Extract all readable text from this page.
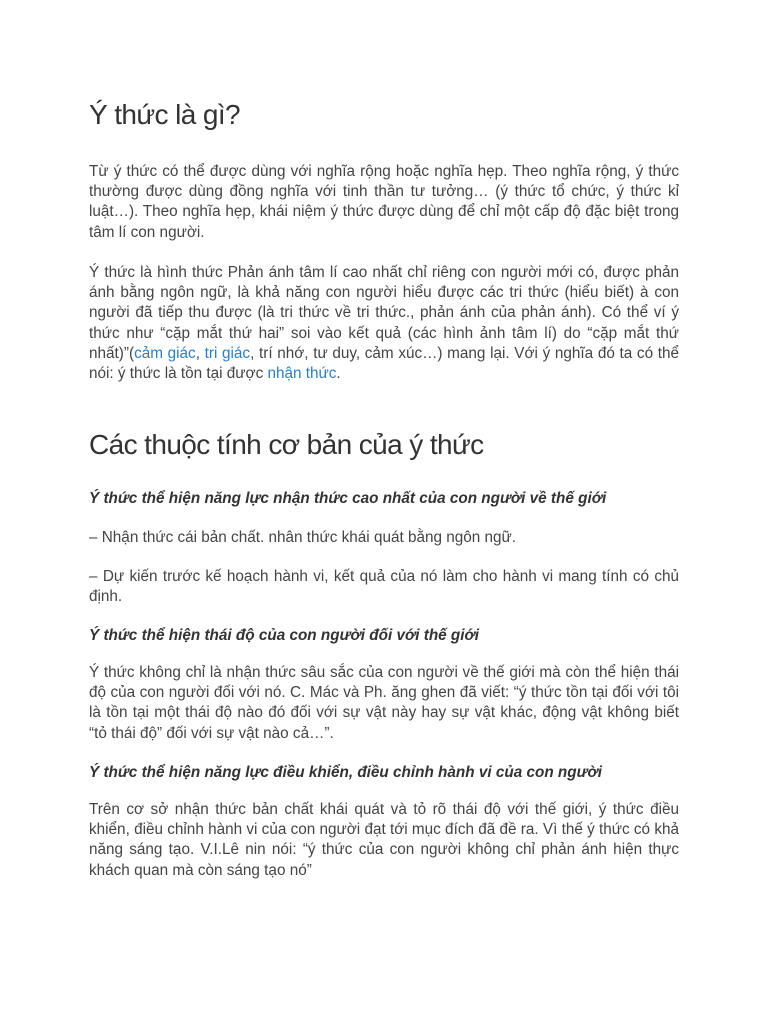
Ý thức là gì?

Từ ý thức có thể được dùng với nghĩa rộng hoặc nghĩa hẹp. Theo nghĩa rộng, ý thức thường được dùng đồng nghĩa với tinh thần tư tưởng… (ý thức tổ chức, ý thức kỉ luật…). Theo nghĩa hẹp, khái niệm ý thức được dùng để chỉ một cấp độ đặc biệt trong tâm lí con người.

Ý thức là hình thức Phản ánh tâm lí cao nhất chỉ riêng con người mới có, được phản ánh bằng ngôn ngữ, là khả năng con người hiểu được các tri thức (hiểu biết) à con người đã tiếp thu được (là tri thức về tri thức., phản ánh của phản ánh). Có thể ví ý thức như “cặp mắt thứ hai” soi vào kết quả (các hình ảnh tâm lí) do “cặp mắt thứ nhất)”(cảm giác, tri giác, trí nhớ, tư duy, cảm xúc…) mang lại. Với ý nghĩa đó ta có thể nói: ý thức là tồn tại được nhận thức.

Các thuộc tính cơ bản của ý thức

Ý thức thể hiện năng lực nhận thức cao nhất của con người về thế giới

– Nhận thức cái bản chất. nhân thức khái quát bằng ngôn ngữ.

– Dự kiến trước kế hoạch hành vi, kết quả của nó làm cho hành vi mang tính có chủ định.

Ý thức thể hiện thái độ của con người đối với thế giới

Ý thức không chỉ là nhận thức sâu sắc của con người về thế giới mà còn thể hiện thái độ của con người đối với nó. C. Mác và Ph. ăng ghen đã viết: “ý thức tồn tại đối với tôi là tồn tại một thái độ nào đó đối với sự vật này hay sự vật khác, động vật không biết “tỏ thái độ” đối với sự vật nào cả…”.

Ý thức thể hiện năng lực điều khiển, điều chỉnh hành vi của con người

Trên cơ sở nhận thức bản chất khái quát và tỏ rõ thái độ với thế giới, ý thức điều khiển, điều chỉnh hành vi của con người đạt tới mục đích đã đề ra. Vì thế ý thức có khả năng sáng tạo. V.I.Lê nin nói: “ý thức của con người không chỉ phản ánh hiện thực khách quan mà còn sáng tạo nó”
